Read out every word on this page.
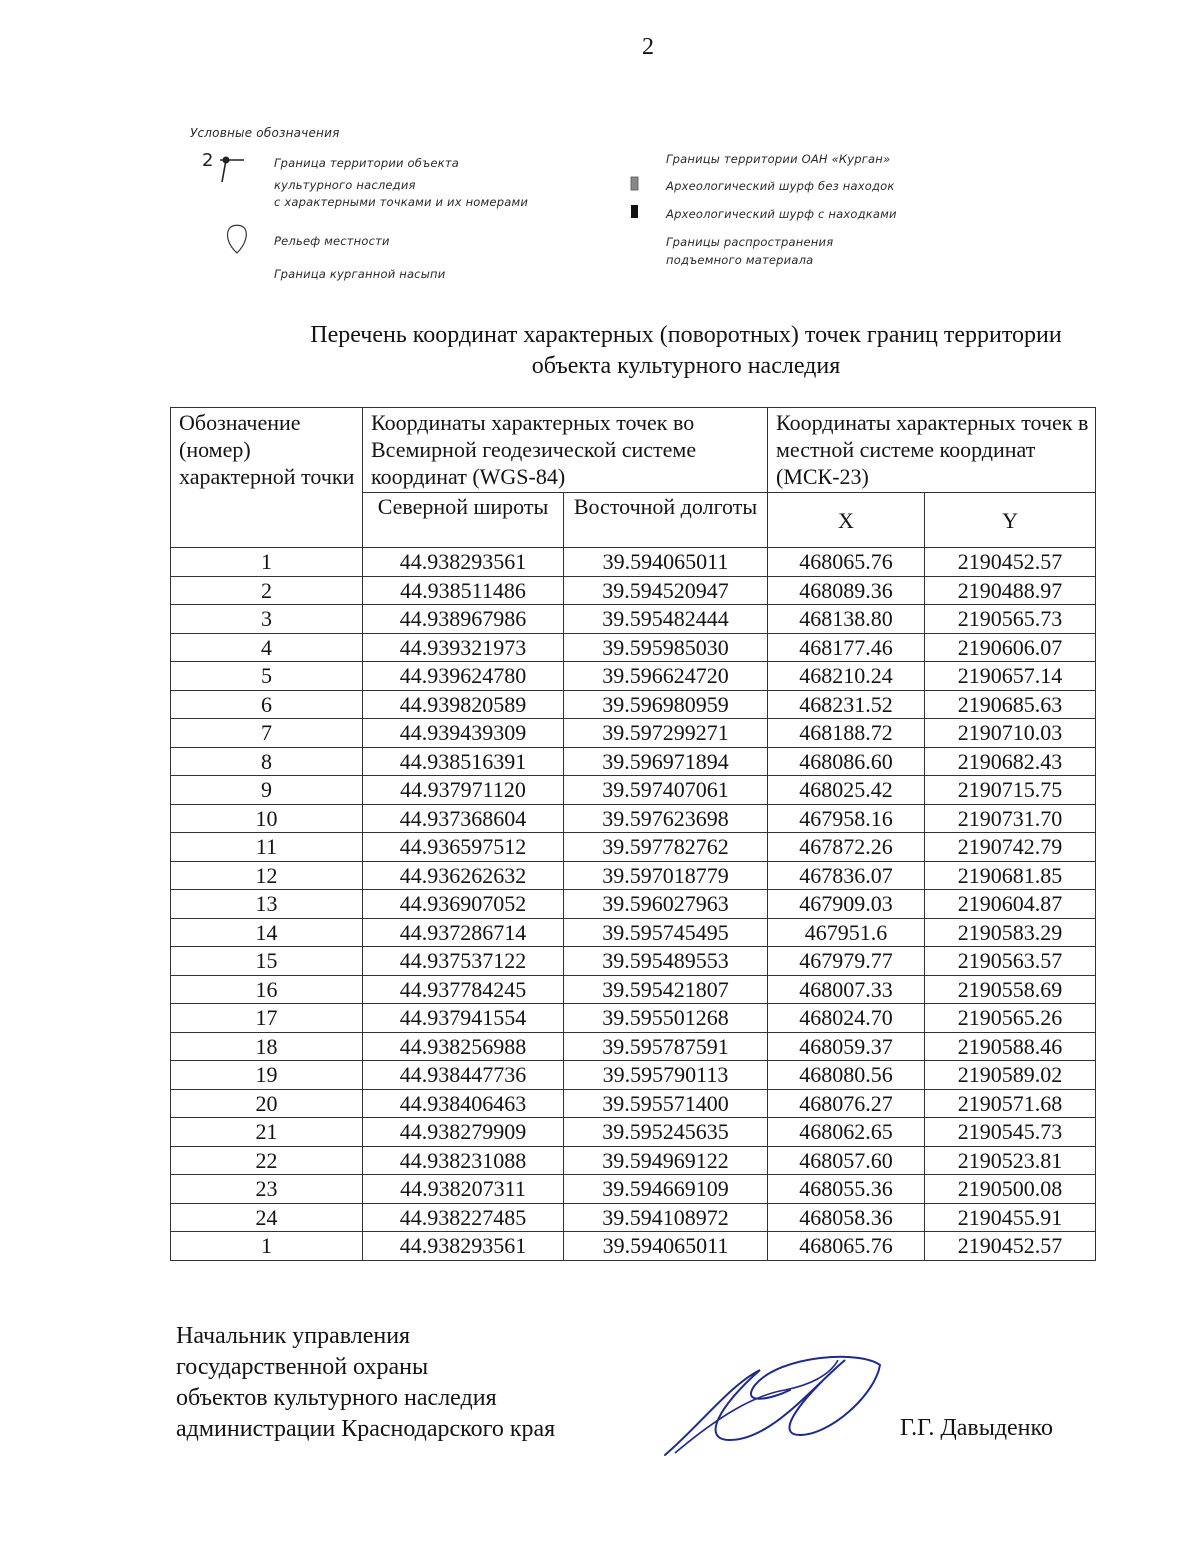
2
Условные обозначения
2	Граница территории объекта
культурного наследия
с характерными точками и их номерами
Рельеф местности
Граница курганной насыпи
Границы территории ОАН «Курган»
Археологический шурф без находок
Археологический шурф с находками
Границы распространения
подъемного материала
Перечень координат характерных (поворотных) точек границ территории
объекта культурного наследия
Обозначение (номер) характерной точки	Координаты характерных точек во Всемирной геодезической системе координат (WGS-84)		Координаты характерных точек в местной системе координат (МСК-23)	
	Северной широты	Восточной долготы	X	Y
1	44.938293561	39.594065011	468065.76	2190452.57
2	44.938511486	39.594520947	468089.36	2190488.97
3	44.938967986	39.595482444	468138.80	2190565.73
4	44.939321973	39.595985030	468177.46	2190606.07
5	44.939624780	39.596624720	468210.24	2190657.14
6	44.939820589	39.596980959	468231.52	2190685.63
7	44.939439309	39.597299271	468188.72	2190710.03
8	44.938516391	39.596971894	468086.60	2190682.43
9	44.937971120	39.597407061	468025.42	2190715.75
10	44.937368604	39.597623698	467958.16	2190731.70
11	44.936597512	39.597782762	467872.26	2190742.79
12	44.936262632	39.597018779	467836.07	2190681.85
13	44.936907052	39.596027963	467909.03	2190604.87
14	44.937286714	39.595745495	467951.6	2190583.29
15	44.937537122	39.595489553	467979.77	2190563.57
16	44.937784245	39.595421807	468007.33	2190558.69
17	44.937941554	39.595501268	468024.70	2190565.26
18	44.938256988	39.595787591	468059.37	2190588.46
19	44.938447736	39.595790113	468080.56	2190589.02
20	44.938406463	39.595571400	468076.27	2190571.68
21	44.938279909	39.595245635	468062.65	2190545.73
22	44.938231088	39.594969122	468057.60	2190523.81
23	44.938207311	39.594669109	468055.36	2190500.08
24	44.938227485	39.594108972	468058.36	2190455.91
1	44.938293561	39.594065011	468065.76	2190452.57
Начальник управления
государственной охраны
объектов культурного наследия
администрации Краснодарского края	Г.Г. Давыденко
